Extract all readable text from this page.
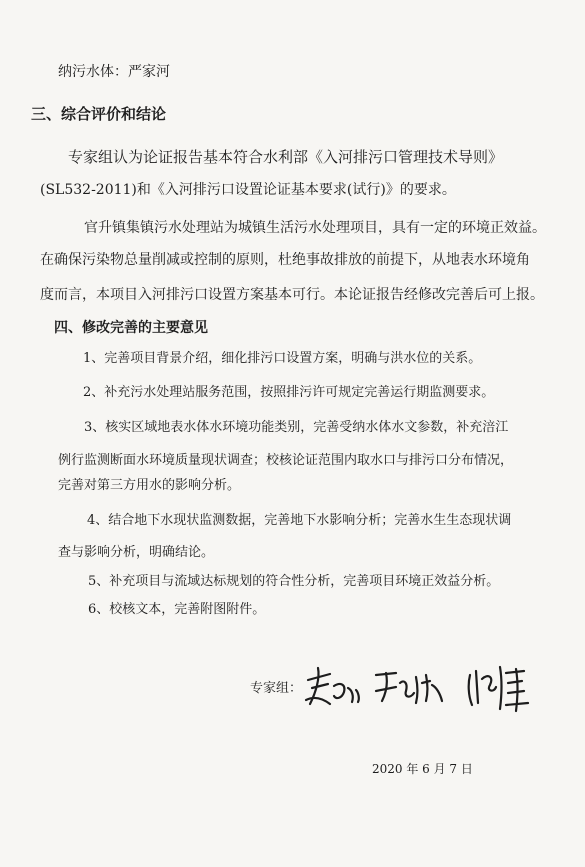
纳污水体：严家河
三、综合评价和结论
专家组认为论证报告基本符合水利部《入河排污口管理技术导则》
(SL532-2011)和《入河排污口设置论证基本要求(试行)》的要求。
官升镇集镇污水处理站为城镇生活污水处理项目，具有一定的环境正效益。
在确保污染物总量削减或控制的原则，杜绝事故排放的前提下，从地表水环境角
度而言，本项目入河排污口设置方案基本可行。本论证报告经修改完善后可上报。
四、修改完善的主要意见
1、完善项目背景介绍，细化排污口设置方案，明确与洪水位的关系。
2、补充污水处理站服务范围，按照排污许可规定完善运行期监测要求。
3、核实区域地表水体水环境功能类别，完善受纳水体水文参数，补充涪江
例行监测断面水环境质量现状调查；校核论证范围内取水口与排污口分布情况，
完善对第三方用水的影响分析。
4、结合地下水现状监测数据，完善地下水影响分析；完善水生生态现状调
查与影响分析，明确结论。
5、补充项目与流域达标规划的符合性分析，完善项目环境正效益分析。
6、校核文本，完善附图附件。
专家组：
2020 年 6 月 7 日
